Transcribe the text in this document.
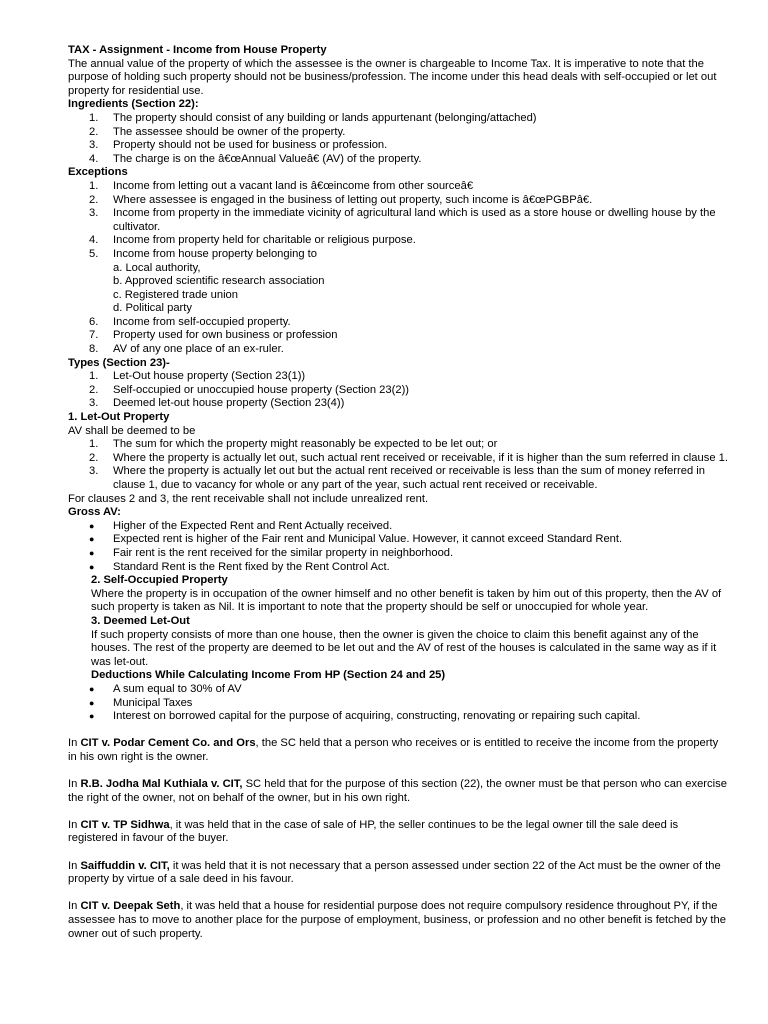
TAX - Assignment - Income from House Property

The annual value of the property of which the assessee is the owner is chargeable to Income Tax. It is imperative to note that the purpose of holding such property should not be business/profession. The income under this head deals with self-occupied or let out property for residential use.

Ingredients (Section 22):

1. The property should consist of any building or lands appurtenant (belonging/attached)
2. The assessee should be owner of the property.
3. Property should not be used for business or profession.
4. The charge is on the â€œAnnual Valueâ€ (AV) of the property.

Exceptions

1. Income from letting out a vacant land is â€œincome from other sourceâ€
2. Where assessee is engaged in the business of letting out property, such income is â€œPGBPâ€.
3. Income from property in the immediate vicinity of agricultural land which is used as a store house or dwelling house by the cultivator.
4. Income from property held for charitable or religious purpose.
5. Income from house property belonging to

a. Local authority,

b. Approved scientific research association

c. Registered trade union

d. Political party

6. Income from self-occupied property.
7. Property used for own business or profession
8. AV of any one place of an ex-ruler.

Types (Section 23)-

1. Let-Out house property (Section 23(1))
2. Self-occupied or unoccupied house property (Section 23(2))
3. Deemed let-out house property (Section 23(4))

1. Let-Out Property

AV shall be deemed to be

1. The sum for which the property might reasonably be expected to be let out; or
2. Where the property is actually let out, such actual rent received or receivable, if it is higher than the sum referred in clause 1.
3. Where the property is actually let out but the actual rent received or receivable is less than the sum of money referred in clause 1, due to vacancy for whole or any part of the year, such actual rent received or receivable.

For clauses 2 and 3, the rent receivable shall not include unrealized rent.

Gross AV:

● Higher of the Expected Rent and Rent Actually received.
● Expected rent is higher of the Fair rent and Municipal Value. However, it cannot exceed Standard Rent.
● Fair rent is the rent received for the similar property in neighborhood.
● Standard Rent is the Rent fixed by the Rent Control Act.

2. Self-Occupied Property

Where the property is in occupation of the owner himself and no other benefit is taken by him out of this property, then the AV of such property is taken as Nil. It is important to note that the property should be self or unoccupied for whole year.

3. Deemed Let-Out

If such property consists of more than one house, then the owner is given the choice to claim this benefit against any of the houses. The rest of the property are deemed to be let out and the AV of rest of the houses is calculated in the same way as if it was let-out.

Deductions While Calculating Income From HP (Section 24 and 25)

● A sum equal to 30% of AV
● Municipal Taxes
● Interest on borrowed capital for the purpose of acquiring, constructing, renovating or repairing such capital.

In CIT v. Podar Cement Co. and Ors, the SC held that a person who receives or is entitled to receive the income from the property in his own right is the owner.

In R.B. Jodha Mal Kuthiala v. CIT, SC held that for the purpose of this section (22), the owner must be that person who can exercise the right of the owner, not on behalf of the owner, but in his own right.

In CIT v. TP Sidhwa, it was held that in the case of sale of HP, the seller continues to be the legal owner till the sale deed is registered in favour of the buyer.

In Saiffuddin v. CIT, it was held that it is not necessary that a person assessed under section 22 of the Act must be the owner of the property by virtue of a sale deed in his favour.

In CIT v. Deepak Seth, it was held that a house for residential purpose does not require compulsory residence throughout PY, if the assessee has to move to another place for the purpose of employment, business, or profession and no other benefit is fetched by the owner out of such property.
